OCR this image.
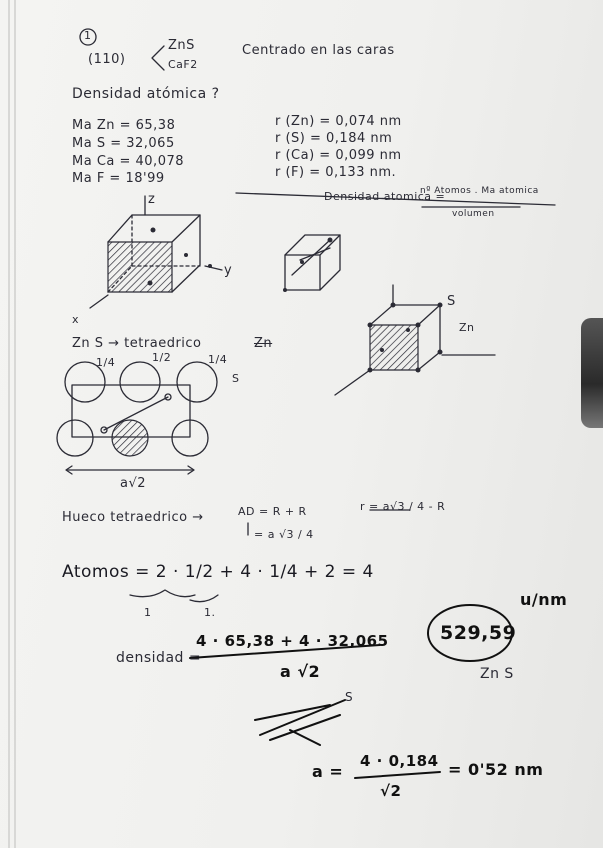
1
(110)
ZnS
CaF2
Centrado en las caras
Densidad atómica ?
Ma Zn = 65,38
Ma S = 32,065
Ma Ca = 40,078
Ma F = 18'99
r (Zn) = 0,074 nm
r (S) = 0,184 nm
r (Ca) = 0,099 nm
r (F) = 0,133 nm.
Densidad atomica =
nº Atomos . Ma atomica
volumen
z
y
x
S
Zn
Zn S → tetraedrico	Zn
1/4	1/2	1/4
S
a√2
Hueco tetraedrico →	AD = R + R
= a √3 / 4
r = a√3 / 4 - R
Atomos = 2 · 1/2 + 4 · 1/4 + 2 = 4
1	1.
densidad =
4 · 65,38 + 4 · 32,065
a √2
529,59
u/nm
Zn S
S
a =
4 · 0,184
√2
= 0'52 nm
